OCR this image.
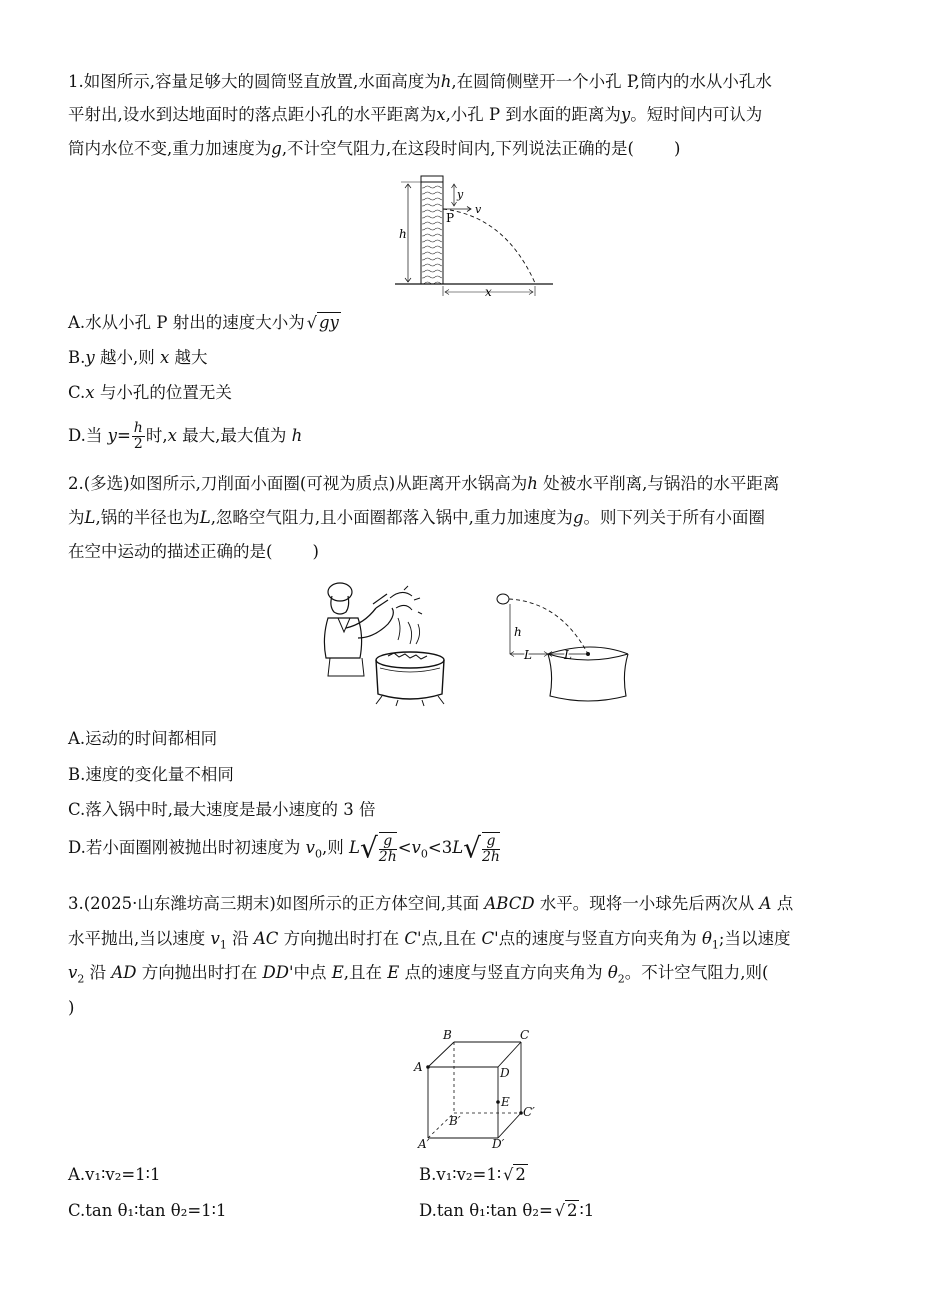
1.如图所示,容量足够大的圆筒竖直放置,水面高度为h,在圆筒侧壁开一个小孔 P,筒内的水从小孔水
平射出,设水到达地面时的落点距小孔的水平距离为x,小孔 P 到水面的距离为y。短时间内可认为
筒内水位不变,重力加速度为g,不计空气阻力,在这段时间内,下列说法正确的是( )
h
y
P
v
x
A.水从小孔 P 射出的速度大小为 √ gy
B.y 越小,则 x 越大
C.x 与小孔的位置无关
D.当 $y= \frac{h}{2}$ 时,x 最大,最大值为 h
2.(多选)如图所示,刀削面小面圈(可视为质点)从距离开水锅高为h 处被水平削离,与锅沿的水平距离
为L,锅的半径也为L,忽略空气阻力,且小面圈都落入锅中,重力加速度为g。则下列关于所有小面圈
在空中运动的描述正确的是( )
h
L	L
A.运动的时间都相同
B.速度的变化量不相同
C.落入锅中时,最大速度是最小速度的 3 倍
D.若小面圈刚被抛出时初速度为 $v_0$,则 $L√ \frac{g}{2h} <v_0<3L√ \frac{g}{2h}$
3.(2025·山东潍坊高三期末)如图所示的正方体空间,其面 ABCD 水平。现将一小球先后两次从 A 点
水平抛出,当以速度 $v_1$ 沿 AC 方向抛出时打在 C'点,且在 C'点的速度与竖直方向夹角为 $\theta_1$;当以速度
$v_2$ 沿 AD 方向抛出时打在 DD'中点 E,且在 E 点的速度与竖直方向夹角为 $\theta_2$。不计空气阻力,则(
)
B	C
A	D
E
C′
B′
A′	D′
A.v₁∶v₂=1∶1	B.v₁∶v₂=1∶ √ 2
C.tan θ₁∶tan θ₂=1∶1	D.tan θ₁∶tan θ₂= √ 2 ∶1
